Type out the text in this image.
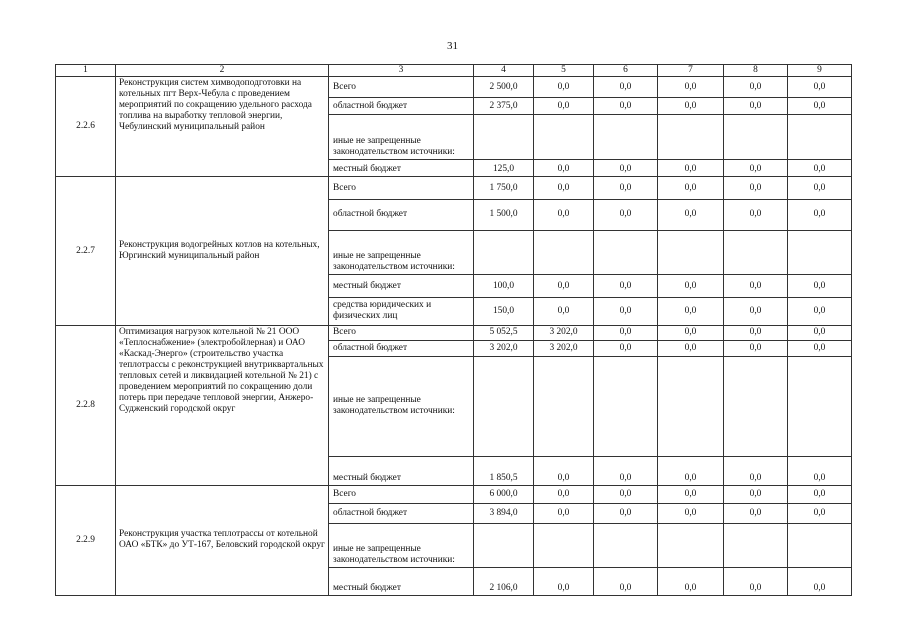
31
1	2	3	4	5	6	7	8	9
2.2.6	Реконструкция систем химводоподготовки на котельных пгт Верх-Чебула с проведением мероприятий по сокращению удельного расхода топлива на выработку тепловой энергии, Чебулинский муниципальный район	Всего	2 500,0	0,0	0,0	0,0	0,0	0,0
		областной бюджет	2 375,0	0,0	0,0	0,0	0,0	0,0
		иные не запрещенные законодательством источники:						
		местный бюджет	125,0	0,0	0,0	0,0	0,0	0,0
2.2.7	Реконструкция водогрейных котлов на котельных, Юргинский муниципальный район	Всего	1 750,0	0,0	0,0	0,0	0,0	0,0
		областной бюджет	1 500,0	0,0	0,0	0,0	0,0	0,0
		иные не запрещенные законодательством источники:						
		местный бюджет	100,0	0,0	0,0	0,0	0,0	0,0
		средства юридических и физических лиц	150,0	0,0	0,0	0,0	0,0	0,0
2.2.8	Оптимизация нагрузок котельной № 21 ООО «Теплоснабжение» (электробойлерная) и ОАО «Каскад-Энерго» (строительство участка теплотрассы с реконструкцией внутриквартальных тепловых сетей и ликвидацией котельной № 21) с проведением мероприятий по сокращению доли потерь при передаче тепловой энергии, Анжеро-Судженский городской округ	Всего	5 052,5	3 202,0	0,0	0,0	0,0	0,0
		областной бюджет	3 202,0	3 202,0	0,0	0,0	0,0	0,0
		иные не запрещенные законодательством источники:						
		местный бюджет	1 850,5	0,0	0,0	0,0	0,0	0,0
2.2.9	Реконструкция участка теплотрассы от котельной ОАО «БТК» до УТ-167, Беловский городской округ	Всего	6 000,0	0,0	0,0	0,0	0,0	0,0
		областной бюджет	3 894,0	0,0	0,0	0,0	0,0	0,0
		иные не запрещенные законодательством источники:						
		местный бюджет	2 106,0	0,0	0,0	0,0	0,0	0,0
